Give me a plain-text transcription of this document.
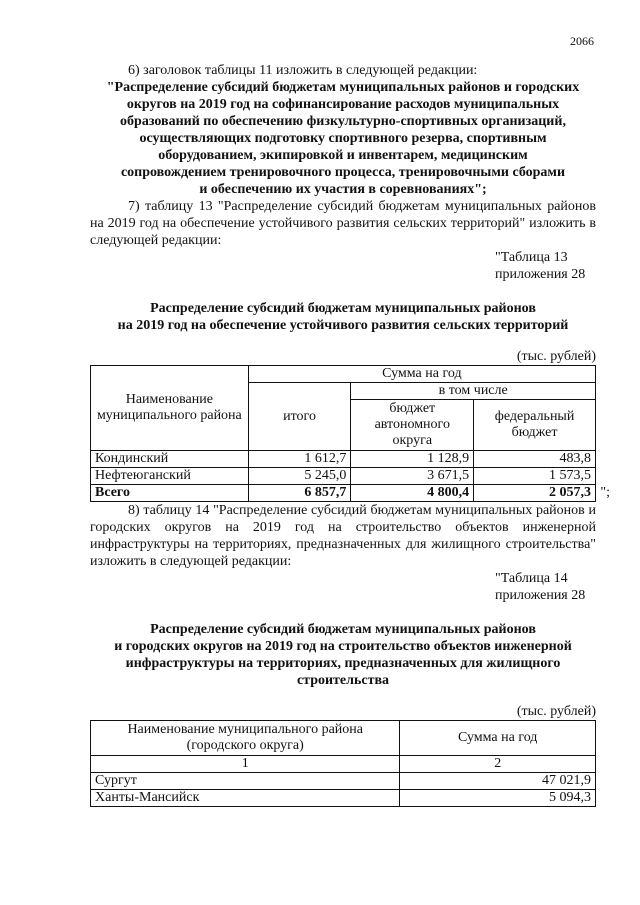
2066

6) заголовок таблицы 11 изложить в следующей редакции:

"Распределение субсидий бюджетам муниципальных районов и городских
округов на 2019 год на софинансирование расходов муниципальных
образований по обеспечению физкультурно-спортивных организаций,
осуществляющих подготовку спортивного резерва, спортивным
оборудованием, экипировкой и инвентарем, медицинским
сопровождением тренировочного процесса, тренировочными сборами
и обеспечению их участия в соревнованиях";

7) таблицу 13 "Распределение субсидий бюджетам муниципальных районов на 2019 год на обеспечение устойчивого развития сельских территорий" изложить в следующей редакции:

"Таблица 13
приложения 28
Распределение субсидий бюджетам муниципальных районов
на 2019 год на обеспечение устойчивого развития сельских территорий
(тыс. рублей)
Наименование муниципального района	Сумма на год		
	итого	в том числе	
		бюджет автономного округа	федеральный бюджет
Кондинский	1 612,7	1 128,9	483,8
Нефтеюганский	5 245,0	3 671,5	1 573,5
Всего	6 857,7	4 800,4	2 057,3 ";

8) таблицу 14 "Распределение субсидий бюджетам муниципальных районов и городских округов на 2019 год на строительство объектов инженерной инфраструктуры на территориях, предназначенных для жилищного строительства" изложить в следующей редакции:

"Таблица 14
приложения 28
Распределение субсидий бюджетам муниципальных районов
и городских округов на 2019 год на строительство объектов инженерной
инфраструктуры на территориях, предназначенных для жилищного
строительства
(тыс. рублей)
Наименование муниципального района (городского округа)	Сумма на год
1	2
Сургут	47 021,9
Ханты-Мансийск	5 094,3
